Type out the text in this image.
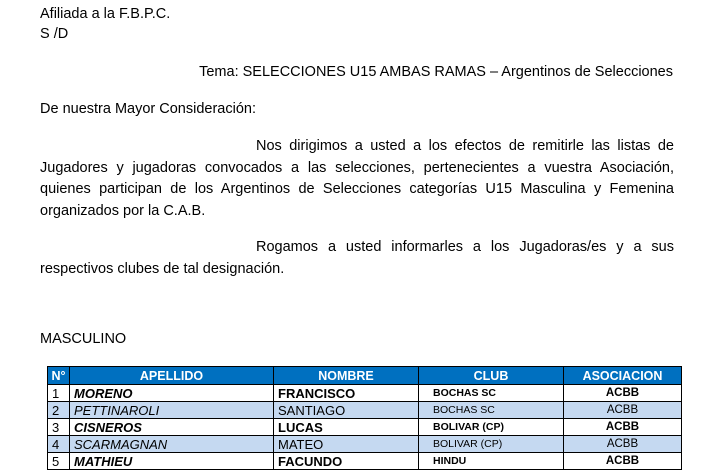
Afiliada a la F.B.P.C.
S /D
Tema: SELECCIONES U15 AMBAS RAMAS – Argentinos de Selecciones
De nuestra Mayor Consideración:
Nos dirigimos a usted a los efectos de remitirle las listas de Jugadores y jugadoras convocados a las selecciones, pertenecientes a vuestra Asociación, quienes participan de los Argentinos de Selecciones categorías U15 Masculina y Femenina organizados por la C.A.B.
Rogamos a usted informarles a los Jugadoras/es y a sus respectivos clubes de tal designación.
MASCULINO
N°	APELLIDO	NOMBRE	CLUB	ASOCIACION
1	MORENO	FRANCISCO	BOCHAS SC	ACBB
2	PETTINAROLI	SANTIAGO	BOCHAS SC	ACBB
3	CISNEROS	LUCAS	BOLIVAR (CP)	ACBB
4	SCARMAGNAN	MATEO	BOLIVAR (CP)	ACBB
5	MATHIEU	FACUNDO	HINDU	ACBB
